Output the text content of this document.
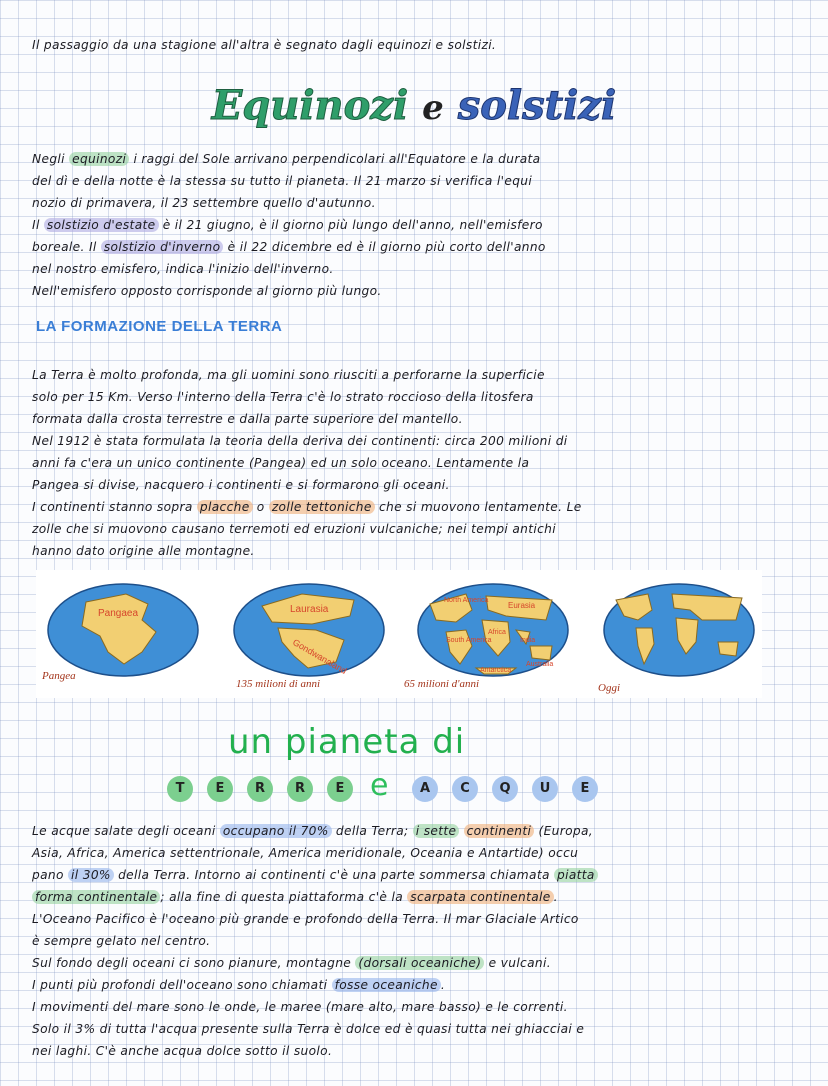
Il passaggio da una stagione all'altra è segnato dagli equinozi e solstizi.
Equinozi e solstizi
Negli equinozi i raggi del Sole arrivano perpendicolari all'Equatore e la durata
del dì e della notte è la stessa su tutto il pianeta. Il 21 marzo si verifica l'equi
nozio di primavera, il 23 settembre quello d'autunno.
Il solstizio d'estate è il 21 giugno, è il giorno più lungo dell'anno, nell'emisfero
boreale. Il solstizio d'inverno è il 22 dicembre ed è il giorno più corto dell'anno
nel nostro emisfero, indica l'inizio dell'inverno.
Nell'emisfero opposto corrisponde al giorno più lungo.
LA FORMAZIONE DELLA TERRA
La Terra è molto profonda, ma gli uomini sono riusciti a perforarne la superficie
solo per 15 Km. Verso l'interno della Terra c'è lo strato roccioso della litosfera
formata dalla crosta terrestre e dalla parte superiore del mantello.
Nel 1912 è stata formulata la teoria della deriva dei continenti: circa 200 milioni di
anni fa c'era un unico continente (Pangea) ed un solo oceano. Lentamente la
Pangea si divise, nacquero i continenti e si formarono gli oceani.
I continenti stanno sopra placche o zolle tettoniche che si muovono lentamente. Le
zolle che si muovono causano terremoti ed eruzioni vulcaniche; nei tempi antichi
hanno dato origine alle montagne.
Pangaea
Pangea
Laurasia
Gondwanaland
135 milioni di anni
North America
Eurasia
Africa
South America	India
Australia
Antarctica
65 milioni d'anni	Oggi
un pianeta di
T	E	R	R	E e	A	C	Q	U	E
Le acque salate degli oceani occupano il 70% della Terra; i sette continenti (Europa,
Asia, Africa, America settentrionale, America meridionale, Oceania e Antartide) occu
pano il 30% della Terra. Intorno ai continenti c'è una parte sommersa chiamata piatta
forma continentale ; alla fine di questa piattaforma c'è la scarpata continentale .
L'Oceano Pacifico è l'oceano più grande e profondo della Terra. Il mar Glaciale Artico
è sempre gelato nel centro.
Sul fondo degli oceani ci sono pianure, montagne (dorsali oceaniche) e vulcani.
I punti più profondi dell'oceano sono chiamati fosse oceaniche .
I movimenti del mare sono le onde, le maree (mare alto, mare basso) e le correnti.
Solo il 3% di tutta l'acqua presente sulla Terra è dolce ed è quasi tutta nei ghiacciai e
nei laghi. C'è anche acqua dolce sotto il suolo.
